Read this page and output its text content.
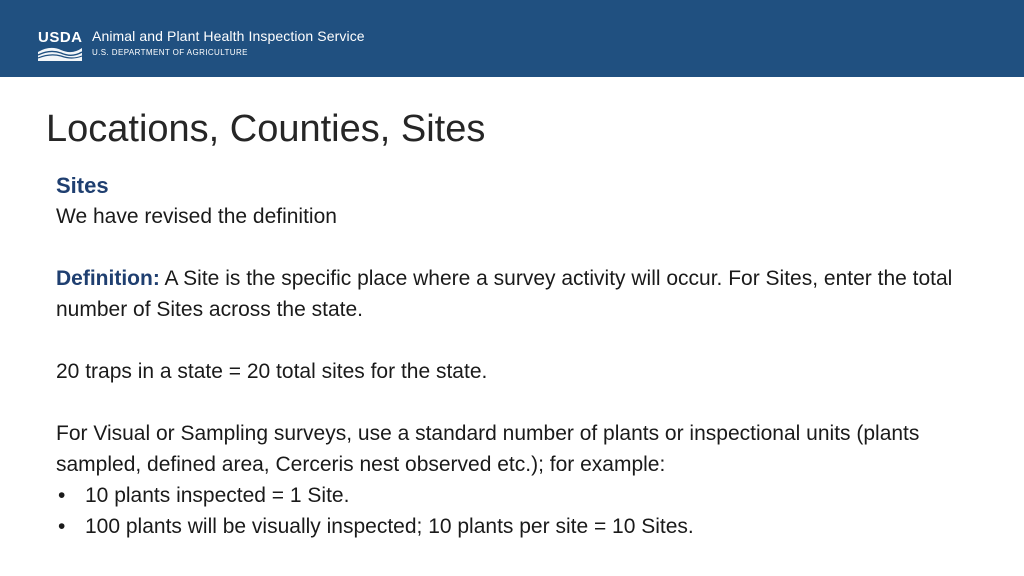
USDA Animal and Plant Health Inspection Service
U.S. DEPARTMENT OF AGRICULTURE
Locations, Counties, Sites

Sites

We have revised the definition

Definition: A Site is the specific place where a survey activity will occur. For Sites, enter the total number of Sites across the state.

20 traps in a state = 20 total sites for the state.

For Visual or Sampling surveys, use a standard number of plants or inspectional units (plants sampled, defined area, Cerceris nest observed etc.); for example:

• 10 plants inspected = 1 Site.
• 100 plants will be visually inspected; 10 plants per site = 10 Sites.
